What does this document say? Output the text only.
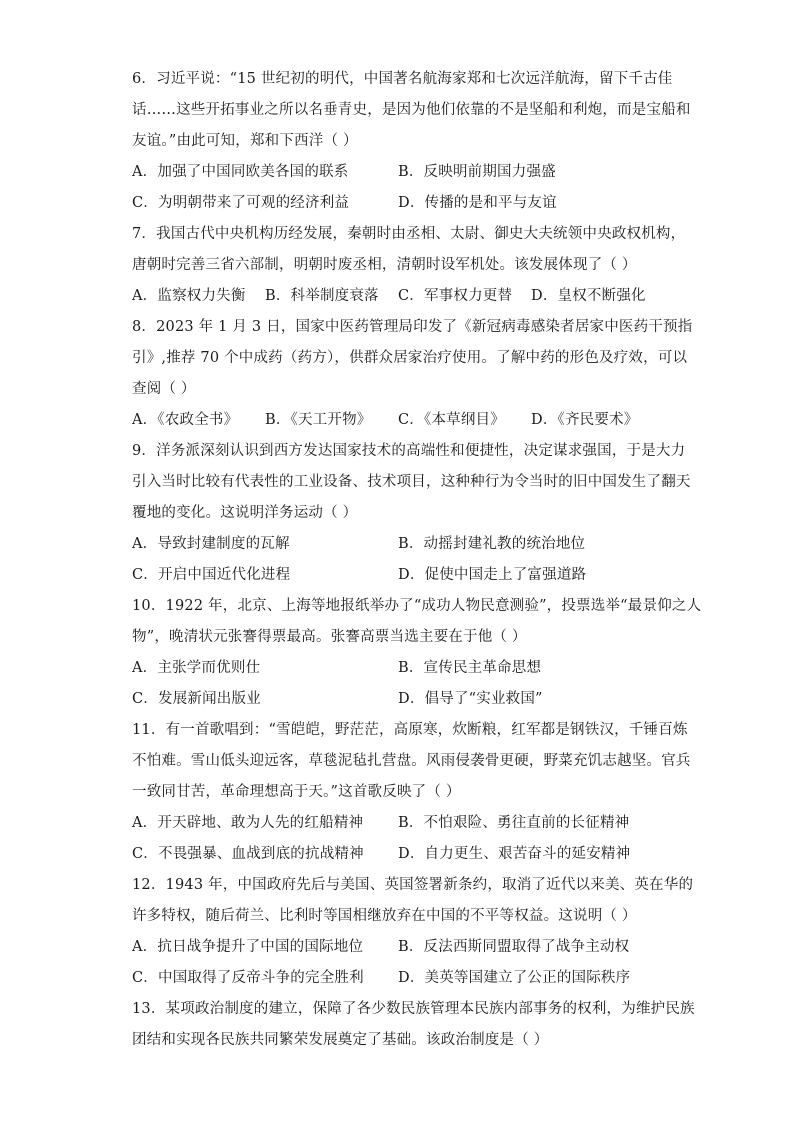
6．习近平说：“15 世纪初的明代，中国著名航海家郑和七次远洋航海，留下千古佳
话……这些开拓事业之所以名垂青史，是因为他们依靠的不是坚船和利炮，而是宝船和
友谊。”由此可知，郑和下西洋（ ）
A．加强了中国同欧美各国的联系	B．反映明前期国力强盛
C．为明朝带来了可观的经济利益	D．传播的是和平与友谊
7．我国古代中央机构历经发展，秦朝时由丞相、太尉、御史大夫统领中央政权机构，
唐朝时完善三省六部制，明朝时废丞相，清朝时设军机处。该发展体现了（ ）
A．监察权力失衡	B．科举制度衰落	C．军事权力更替	D．皇权不断强化
8．2023 年 1 月 3 日，国家中医药管理局印发了《新冠病毒感染者居家中医药干预指
引》,推荐 70 个中成药（药方），供群众居家治疗使用。了解中药的形色及疗效，可以
查阅（ ）
A．《农政全书》	B．《天工开物》	C．《本草纲目》	D．《齐民要术》
9．洋务派深刻认识到西方发达国家技术的高端性和便捷性，决定谋求强国，于是大力
引入当时比较有代表性的工业设备、技术项目，这种种行为令当时的旧中国发生了翻天
覆地的变化。这说明洋务运动（ ）
A．导致封建制度的瓦解	B．动摇封建礼教的统治地位
C．开启中国近代化进程	D．促使中国走上了富强道路
10．1922 年，北京、上海等地报纸举办了“成功人物民意测验”，投票选举“最景仰之人
物”，晚清状元张謇得票最高。张謇高票当选主要在于他（ ）
A．主张学而优则仕	B．宣传民主革命思想
C．发展新闻出版业	D．倡导了“实业救国”
11．有一首歌唱到：“雪皑皑，野茫茫，高原寒，炊断粮，红军都是钢铁汉，千锤百炼
不怕难。雪山低头迎远客，草毯泥毡扎营盘。风雨侵袭骨更硬，野菜充饥志越坚。官兵
一致同甘苦，革命理想高于天。”这首歌反映了（ ）
A．开天辟地、敢为人先的红船精神	B．不怕艰险、勇往直前的长征精神
C．不畏强暴、血战到底的抗战精神	D．自力更生、艰苦奋斗的延安精神
12．1943 年，中国政府先后与美国、英国签署新条约，取消了近代以来美、英在华的
许多特权，随后荷兰、比利时等国相继放弃在中国的不平等权益。这说明（ ）
A．抗日战争提升了中国的国际地位	B．反法西斯同盟取得了战争主动权
C．中国取得了反帝斗争的完全胜利	D．美英等国建立了公正的国际秩序
13．某项政治制度的建立，保障了各少数民族管理本民族内部事务的权利，为维护民族
团结和实现各民族共同繁荣发展奠定了基础。该政治制度是（ ）
